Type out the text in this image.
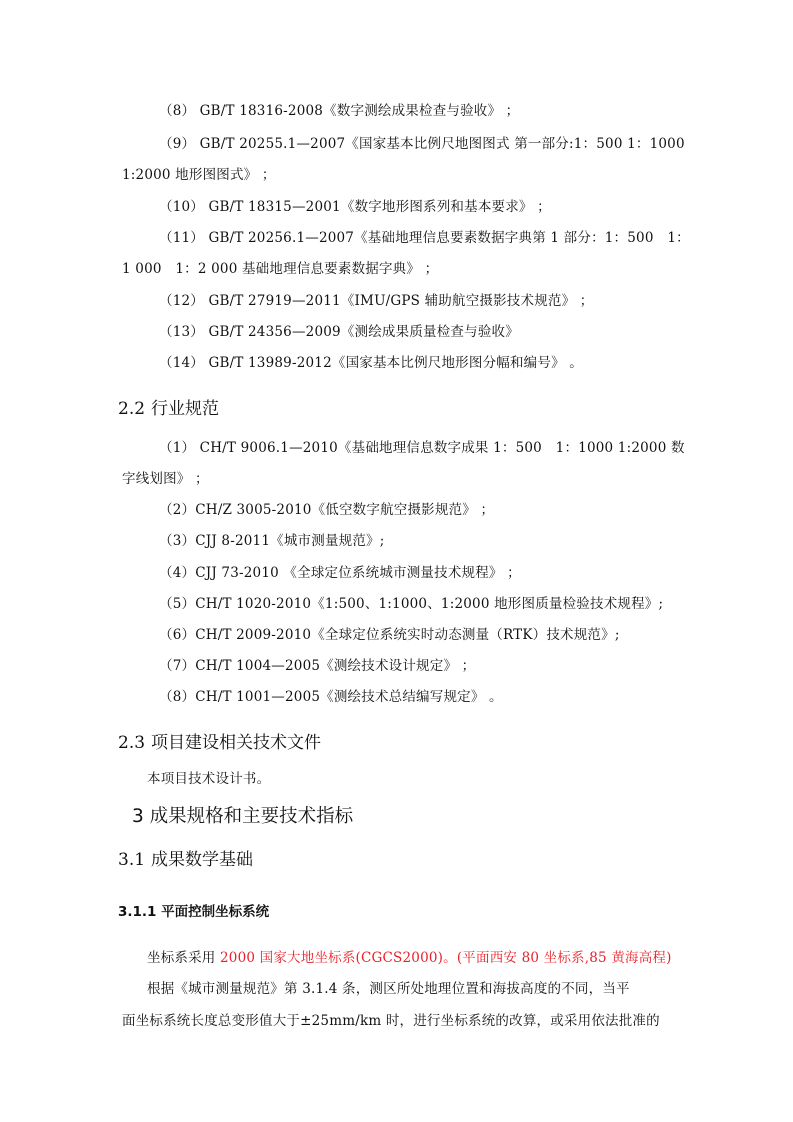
（8） GB/T 18316-2008《数字测绘成果检查与验收》 ；
（9） GB/T 20255.1—2007《国家基本比例尺地图图式 第一部分:1：500 1：1000
1:2000 地形图图式》 ；
（10） GB/T 18315—2001《数字地形图系列和基本要求》 ；
（11） GB/T 20256.1—2007《基础地理信息要素数据字典第 1 部分：1：500　1：
1 000　1：2 000 基础地理信息要素数据字典》 ；
（12） GB/T 27919—2011《IMU/GPS 辅助航空摄影技术规范》 ；
（13） GB/T 24356—2009《测绘成果质量检查与验收》
（14） GB/T 13989-2012《国家基本比例尺地形图分幅和编号》 。
2.2 行业规范
（1） CH/T 9006.1—2010《基础地理信息数字成果 1：500　1：1000 1:2000 数
字线划图》 ；
（2）CH/Z 3005-2010《低空数字航空摄影规范》 ；
（3）CJJ 8-2011《城市测量规范》;
（4）CJJ 73-2010 《全球定位系统城市测量技术规程》 ；
（5）CH/T 1020-2010《1:500、1:1000、1:2000 地形图质量检验技术规程》;
（6）CH/T 2009-2010《全球定位系统实时动态测量（RTK）技术规范》;
（7）CH/T 1004—2005《测绘技术设计规定》 ；
（8）CH/T 1001—2005《测绘技术总结编写规定》 。
2.3 项目建设相关技术文件
本项目技术设计书。
3 成果规格和主要技术指标
3.1 成果数学基础
3.1.1 平面控制坐标系统
坐标系采用 2000 国家大地坐标系(CGCS2000)。(平面西安 80 坐标系,85 黄海高程)
根据《城市测量规范》第 3.1.4 条，测区所处地理位置和海拔高度的不同，当平
面坐标系统长度总变形值大于±25mm/km 时，进行坐标系统的改算，或采用依法批准的
